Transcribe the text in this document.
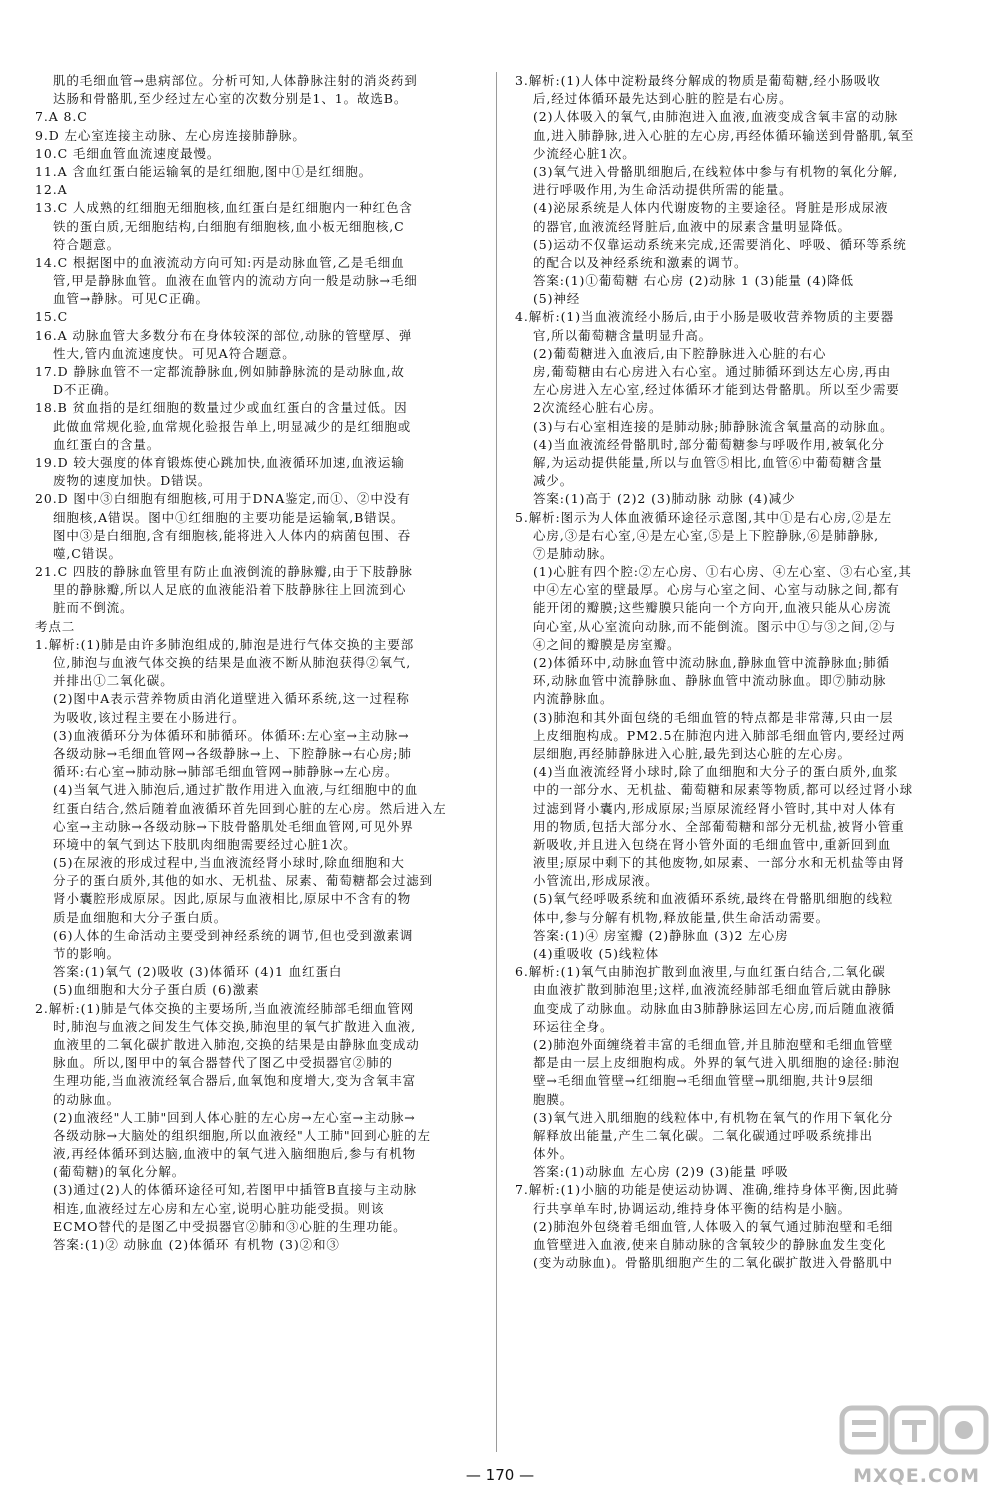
肌的毛细血管→患病部位。分析可知,人体静脉注射的消炎药到
达肠和骨骼肌,至少经过左心室的次数分别是1、1。故选B。
7.A 8.C
9.D 左心室连接主动脉、左心房连接肺静脉。
10.C 毛细血管血流速度最慢。
11.A 含血红蛋白能运输氧的是红细胞,图中①是红细胞。
12.A
13.C 人成熟的红细胞无细胞核,血红蛋白是红细胞内一种红色含
铁的蛋白质,无细胞结构,白细胞有细胞核,血小板无细胞核,C
符合题意。
14.C 根据图中的血液流动方向可知:丙是动脉血管,乙是毛细血
管,甲是静脉血管。血液在血管内的流动方向一般是动脉→毛细
血管→静脉。可见C正确。
15.C
16.A 动脉血管大多数分布在身体较深的部位,动脉的管壁厚、弹
性大,管内血流速度快。可见A符合题意。
17.D 静脉血管不一定都流静脉血,例如肺静脉流的是动脉血,故
D不正确。
18.B 贫血指的是红细胞的数量过少或血红蛋白的含量过低。因
此做血常规化验,血常规化验报告单上,明显减少的是红细胞或
血红蛋白的含量。
19.D 较大强度的体育锻炼使心跳加快,血液循环加速,血液运输
废物的速度加快。D错误。
20.D 图中③白细胞有细胞核,可用于DNA鉴定,而①、②中没有
细胞核,A错误。图中①红细胞的主要功能是运输氧,B错误。
图中③是白细胞,含有细胞核,能将进入人体内的病菌包围、吞
噬,C错误。
21.C 四肢的静脉血管里有防止血液倒流的静脉瓣,由于下肢静脉
里的静脉瓣,所以人足底的血液能沿着下肢静脉往上回流到心
脏而不倒流。
考点二
1.解析:(1)肺是由许多肺泡组成的,肺泡是进行气体交换的主要部
位,肺泡与血液气体交换的结果是血液不断从肺泡获得②氧气,
并排出①二氧化碳。
(2)图中A表示营养物质由消化道壁进入循环系统,这一过程称
为吸收,该过程主要在小肠进行。
(3)血液循环分为体循环和肺循环。体循环:左心室→主动脉→
各级动脉→毛细血管网→各级静脉→上、下腔静脉→右心房;肺
循环:右心室→肺动脉→肺部毛细血管网→肺静脉→左心房。
(4)当氧气进入肺泡后,通过扩散作用进入血液,与红细胞中的血
红蛋白结合,然后随着血液循环首先回到心脏的左心房。然后进入左
心室→主动脉→各级动脉→下肢骨骼肌处毛细血管网,可见外界
环境中的氧气到达下肢肌肉细胞需要经过心脏1次。
(5)在尿液的形成过程中,当血液流经肾小球时,除血细胞和大
分子的蛋白质外,其他的如水、无机盐、尿素、葡萄糖都会过滤到
肾小囊腔形成原尿。因此,原尿与血液相比,原尿中不含有的物
质是血细胞和大分子蛋白质。
(6)人体的生命活动主要受到神经系统的调节,但也受到激素调
节的影响。
答案:(1)氧气 (2)吸收 (3)体循环 (4)1 血红蛋白
(5)血细胞和大分子蛋白质 (6)激素
2.解析:(1)肺是气体交换的主要场所,当血液流经肺部毛细血管网
时,肺泡与血液之间发生气体交换,肺泡里的氧气扩散进入血液,
血液里的二氧化碳扩散进入肺泡,交换的结果是由静脉血变成动
脉血。所以,图甲中的氧合器替代了图乙中受损器官②肺的
生理功能,当血液流经氧合器后,血氧饱和度增大,变为含氧丰富
的动脉血。
(2)血液经"人工肺"回到人体心脏的左心房→左心室→主动脉→
各级动脉→大脑处的组织细胞,所以血液经"人工肺"回到心脏的左
液,再经体循环到达脑,血液中的氧气进入脑细胞后,参与有机物
(葡萄糖)的氧化分解。
(3)通过(2)人的体循环途径可知,若图甲中插管B直接与主动脉
相连,血液经过左心房和左心室,说明心脏功能受损。则该
ECMO替代的是图乙中受损器官②肺和③心脏的生理功能。
答案:(1)② 动脉血 (2)体循环 有机物 (3)②和③
3.解析:(1)人体中淀粉最终分解成的物质是葡萄糖,经小肠吸收
后,经过体循环最先达到心脏的腔是右心房。
(2)人体吸入的氧气,由肺泡进入血液,血液变成含氧丰富的动脉
血,进入肺静脉,进入心脏的左心房,再经体循环输送到骨骼肌,氧至
少流经心脏1次。
(3)氧气进入骨骼肌细胞后,在线粒体中参与有机物的氧化分解,
进行呼吸作用,为生命活动提供所需的能量。
(4)泌尿系统是人体内代谢废物的主要途径。肾脏是形成尿液
的器官,血液流经肾脏后,血液中的尿素含量明显降低。
(5)运动不仅靠运动系统来完成,还需要消化、呼吸、循环等系统
的配合以及神经系统和激素的调节。
答案:(1)①葡萄糖 右心房 (2)动脉 1 (3)能量 (4)降低
(5)神经
4.解析:(1)当血液流经小肠后,由于小肠是吸收营养物质的主要器
官,所以葡萄糖含量明显升高。
(2)葡萄糖进入血液后,由下腔静脉进入心脏的右心
房,葡萄糖由右心房进入右心室。通过肺循环到达左心房,再由
左心房进入左心室,经过体循环才能到达骨骼肌。所以至少需要
2次流经心脏右心房。
(3)与右心室相连接的是肺动脉;肺静脉流含氧量高的动脉血。
(4)当血液流经骨骼肌时,部分葡萄糖参与呼吸作用,被氧化分
解,为运动提供能量,所以与血管⑤相比,血管⑥中葡萄糖含量
减少。
答案:(1)高于 (2)2 (3)肺动脉 动脉 (4)减少
5.解析:图示为人体血液循环途径示意图,其中①是右心房,②是左
心房,③是右心室,④是左心室,⑤是上下腔静脉,⑥是肺静脉,
⑦是肺动脉。
(1)心脏有四个腔:②左心房、①右心房、④左心室、③右心室,其
中④左心室的壁最厚。心房与心室之间、心室与动脉之间,都有
能开闭的瓣膜;这些瓣膜只能向一个方向开,血液只能从心房流
向心室,从心室流向动脉,而不能倒流。图示中①与③之间,②与
④之间的瓣膜是房室瓣。
(2)体循环中,动脉血管中流动脉血,静脉血管中流静脉血;肺循
环,动脉血管中流静脉血、静脉血管中流动脉血。即⑦肺动脉
内流静脉血。
(3)肺泡和其外面包绕的毛细血管的特点都是非常薄,只由一层
上皮细胞构成。PM2.5在肺泡内进入肺部毛细血管内,要经过两
层细胞,再经肺静脉进入心脏,最先到达心脏的左心房。
(4)当血液流经肾小球时,除了血细胞和大分子的蛋白质外,血浆
中的一部分水、无机盐、葡萄糖和尿素等物质,都可以经过肾小球
过滤到肾小囊内,形成原尿;当原尿流经肾小管时,其中对人体有
用的物质,包括大部分水、全部葡萄糖和部分无机盐,被肾小管重
新吸收,并且进入包绕在肾小管外面的毛细血管中,重新回到血
液里;原尿中剩下的其他废物,如尿素、一部分水和无机盐等由肾
小管流出,形成尿液。
(5)氧气经呼吸系统和血液循环系统,最终在骨骼肌细胞的线粒
体中,参与分解有机物,释放能量,供生命活动需要。
答案:(1)④ 房室瓣 (2)静脉血 (3)2 左心房
(4)重吸收 (5)线粒体
6.解析:(1)氧气由肺泡扩散到血液里,与血红蛋白结合,二氧化碳
由血液扩散到肺泡里;这样,血液流经肺部毛细血管后就由静脉
血变成了动脉血。动脉血由3肺静脉运回左心房,而后随血液循
环运往全身。
(2)肺泡外面缠绕着丰富的毛细血管,并且肺泡壁和毛细血管壁
都是由一层上皮细胞构成。外界的氧气进入肌细胞的途径:肺泡
壁→毛细血管壁→红细胞→毛细血管壁→肌细胞,共计9层细
胞膜。
(3)氧气进入肌细胞的线粒体中,有机物在氧气的作用下氧化分
解释放出能量,产生二氧化碳。二氧化碳通过呼吸系统排出
体外。
答案:(1)动脉血 左心房 (2)9 (3)能量 呼吸
7.解析:(1)小脑的功能是使运动协调、准确,维持身体平衡,因此骑
行共享单车时,协调运动,维持身体平衡的结构是小脑。
(2)肺泡外包绕着毛细血管,人体吸入的氧气通过肺泡壁和毛细
血管壁进入血液,使来自肺动脉的含氧较少的静脉血发生变化
(变为动脉血)。骨骼肌细胞产生的二氧化碳扩散进入骨骼肌中
— 170 —	MXQE.COM
